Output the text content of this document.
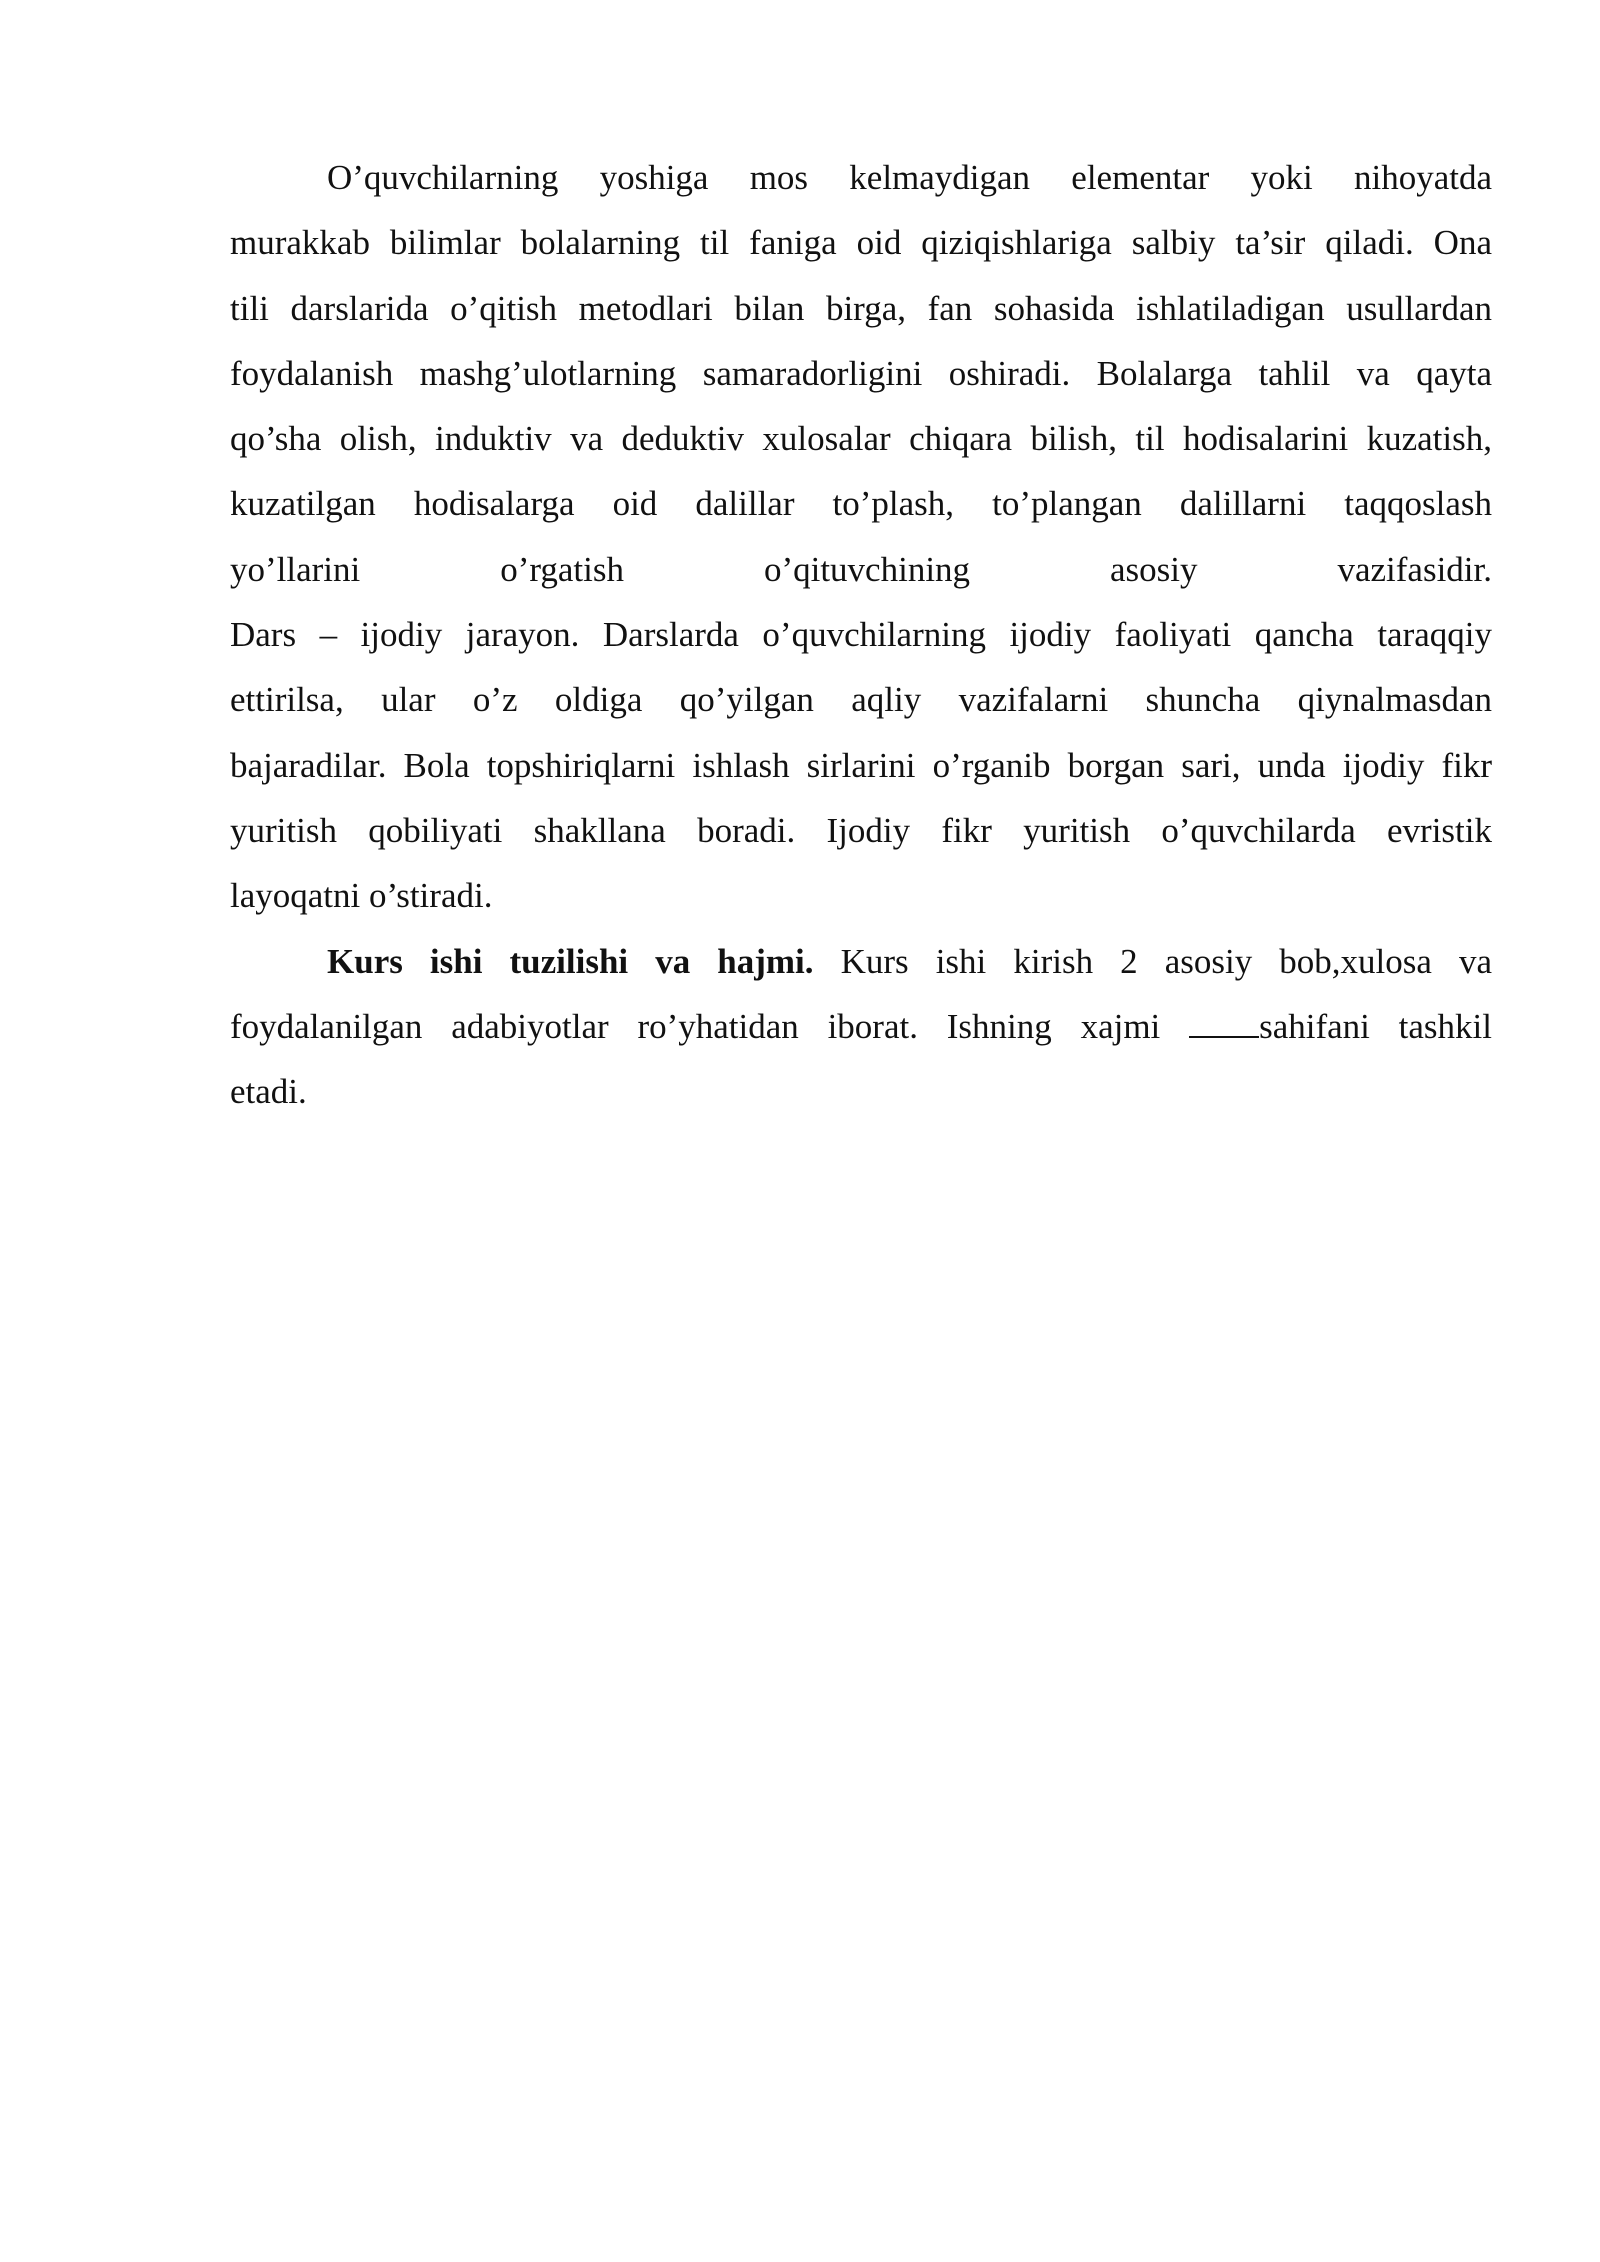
O’quvchilarning yoshiga mos kelmaydigan elementar yoki nihoyatda
murakkab bilimlar bolalarning til faniga oid qiziqishlariga salbiy ta’sir qiladi. Ona
tili darslarida o’qitish metodlari bilan birga, fan sohasida ishlatiladigan usullardan
foydalanish mashg’ulotlarning samaradorligini oshiradi. Bolalarga tahlil va qayta
qo’sha olish, induktiv va deduktiv xulosalar chiqara bilish, til hodisalarini kuzatish,
kuzatilgan hodisalarga oid dalillar to’plash, to’plangan dalillarni taqqoslash
yo’llarini o’rgatish o’qituvchining asosiy vazifasidir.
Dars – ijodiy jarayon. Darslarda o’quvchilarning ijodiy faoliyati qancha taraqqiy
ettirilsa, ular o’z oldiga qo’yilgan aqliy vazifalarni shuncha qiynalmasdan
bajaradilar. Bola topshiriqlarni ishlash sirlarini o’rganib borgan sari, unda ijodiy fikr
yuritish qobiliyati shakllana boradi. Ijodiy fikr yuritish o’quvchilarda evristik
layoqatni o’stiradi.
Kurs ishi tuzilishi va hajmi. Kurs ishi kirish 2 asosiy bob,xulosa va
foydalanilgan adabiyotlar ro’yhatidan iborat. Ishning xajmi sahifani tashkil
etadi.
